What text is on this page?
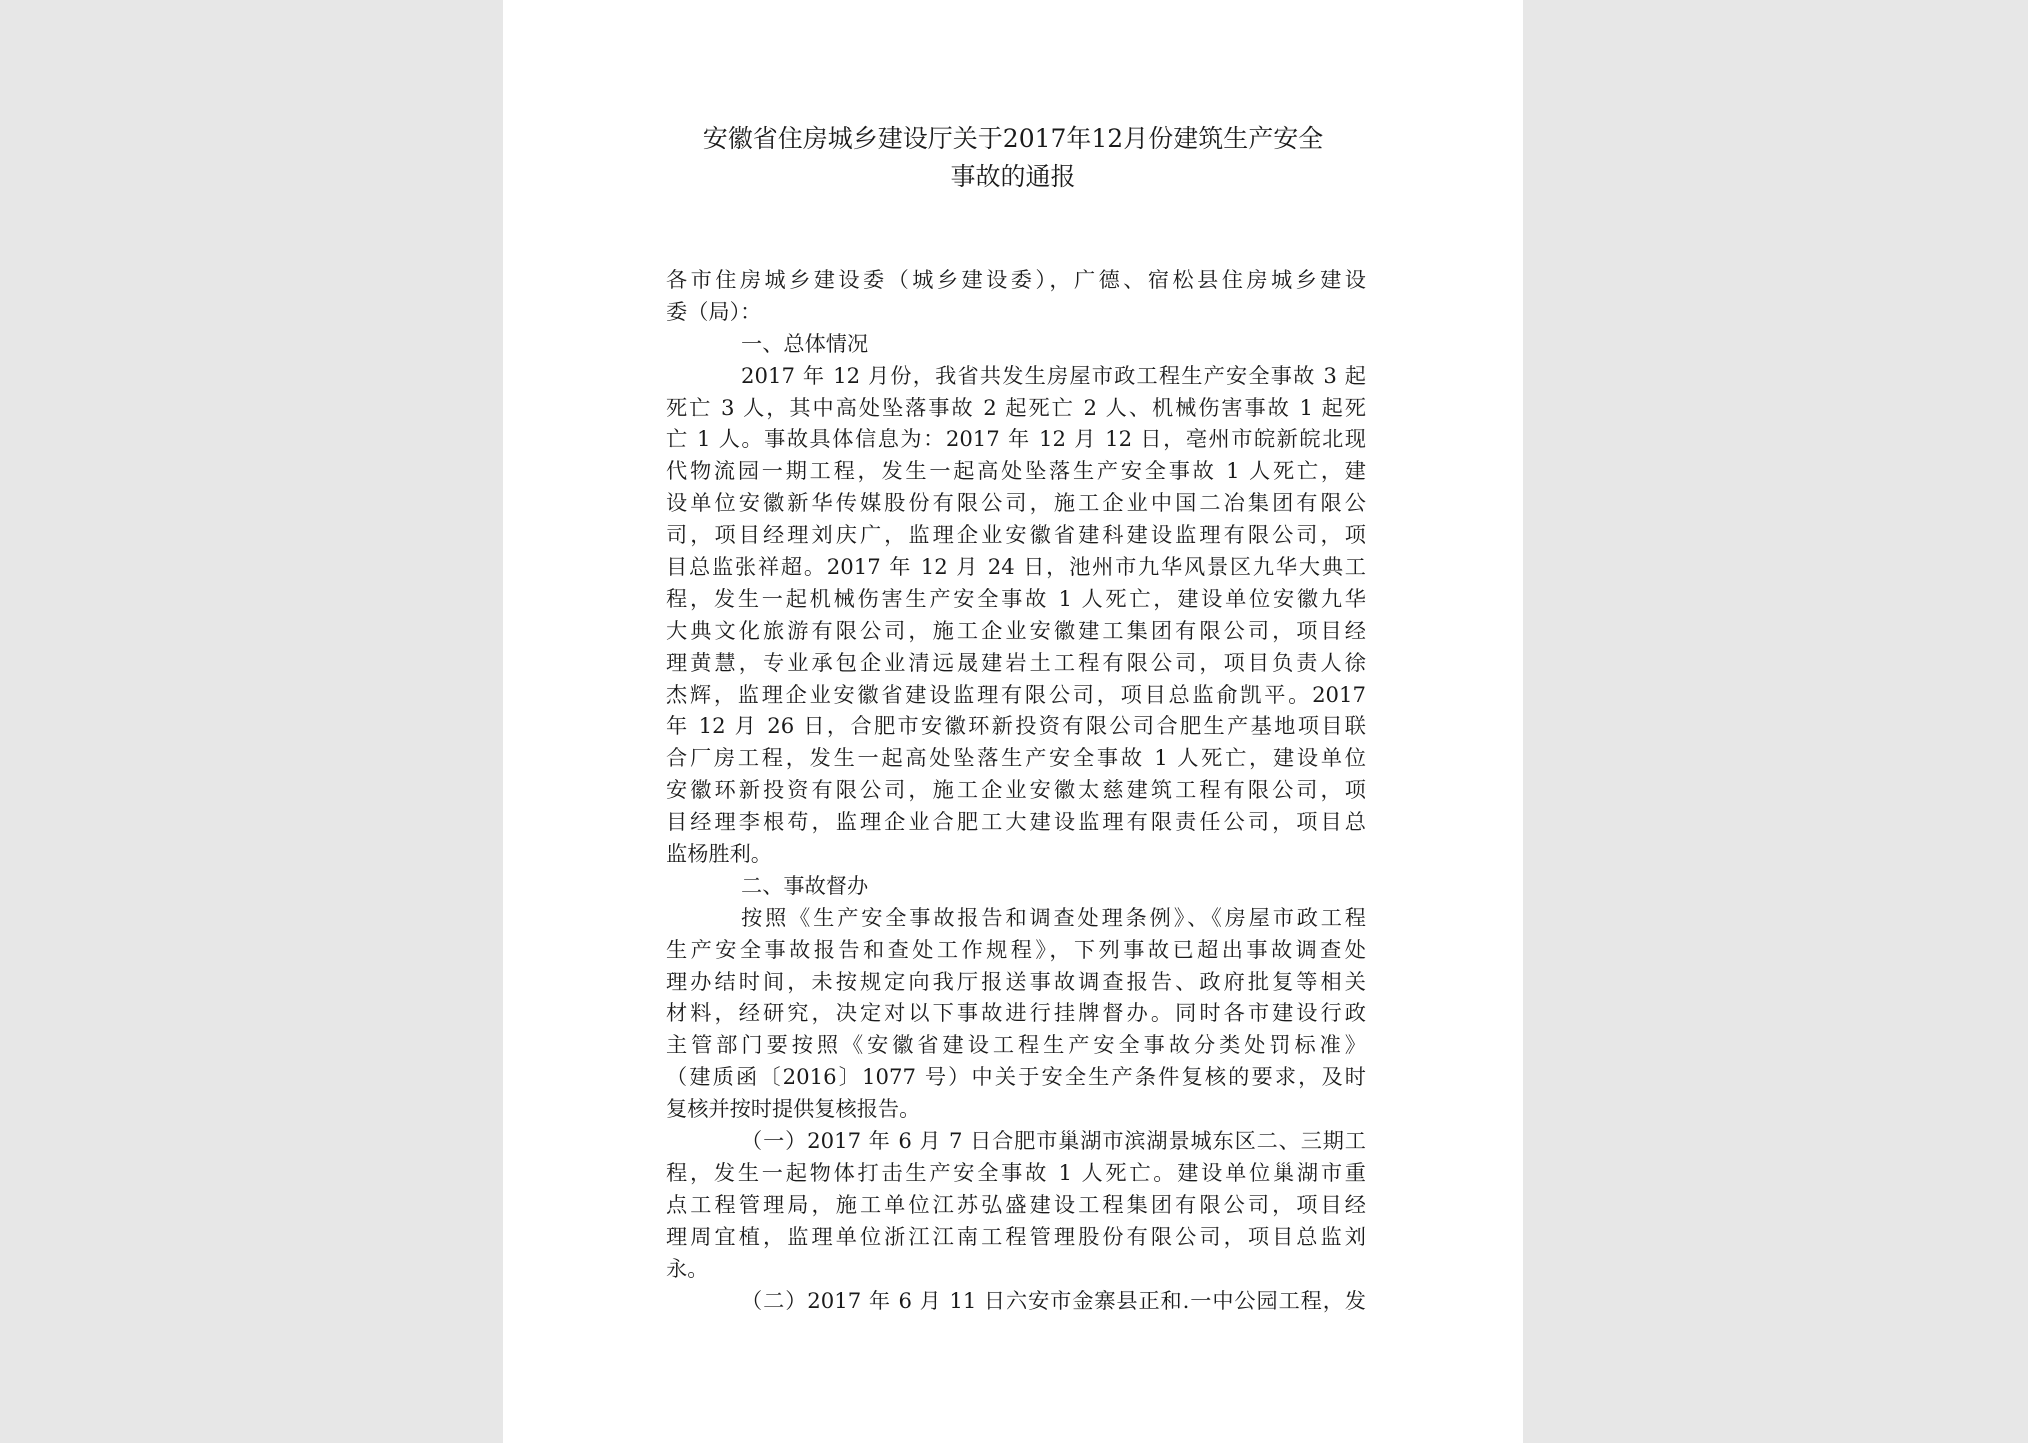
安徽省住房城乡建设厅关于2017年12月份建筑生产安全
事故的通报
各市住房城乡建设委（城乡建设委），广德、宿松县住房城乡建设
委（局）：
一、总体情况
2017 年 12 月份，我省共发生房屋市政工程生产安全事故 3 起
死亡 3 人，其中高处坠落事故 2 起死亡 2 人、机械伤害事故 1 起死
亡 1 人。事故具体信息为：2017 年 12 月 12 日，亳州市皖新皖北现
代物流园一期工程，发生一起高处坠落生产安全事故 1 人死亡，建
设单位安徽新华传媒股份有限公司，施工企业中国二冶集团有限公
司，项目经理刘庆广，监理企业安徽省建科建设监理有限公司，项
目总监张祥超。2017 年 12 月 24 日，池州市九华风景区九华大典工
程，发生一起机械伤害生产安全事故 1 人死亡，建设单位安徽九华
大典文化旅游有限公司，施工企业安徽建工集团有限公司，项目经
理黄慧，专业承包企业清远晟建岩土工程有限公司，项目负责人徐
杰辉，监理企业安徽省建设监理有限公司，项目总监俞凯平。2017
年 12 月 26 日，合肥市安徽环新投资有限公司合肥生产基地项目联
合厂房工程，发生一起高处坠落生产安全事故 1 人死亡，建设单位
安徽环新投资有限公司，施工企业安徽太慈建筑工程有限公司，项
目经理李根苟，监理企业合肥工大建设监理有限责任公司，项目总
监杨胜利。
二、事故督办
按照《生产安全事故报告和调查处理条例》、《房屋市政工程
生产安全事故报告和查处工作规程》，下列事故已超出事故调查处
理办结时间，未按规定向我厅报送事故调查报告、政府批复等相关
材料，经研究，决定对以下事故进行挂牌督办。同时各市建设行政
主管部门要按照《安徽省建设工程生产安全事故分类处罚标准》
（建质函〔2016〕1077 号）中关于安全生产条件复核的要求，及时
复核并按时提供复核报告。
（一）2017 年 6 月 7 日合肥市巢湖市滨湖景城东区二、三期工
程，发生一起物体打击生产安全事故 1 人死亡。建设单位巢湖市重
点工程管理局，施工单位江苏弘盛建设工程集团有限公司，项目经
理周宜植，监理单位浙江江南工程管理股份有限公司，项目总监刘
永。
（二）2017 年 6 月 11 日六安市金寨县正和.一中公园工程，发
